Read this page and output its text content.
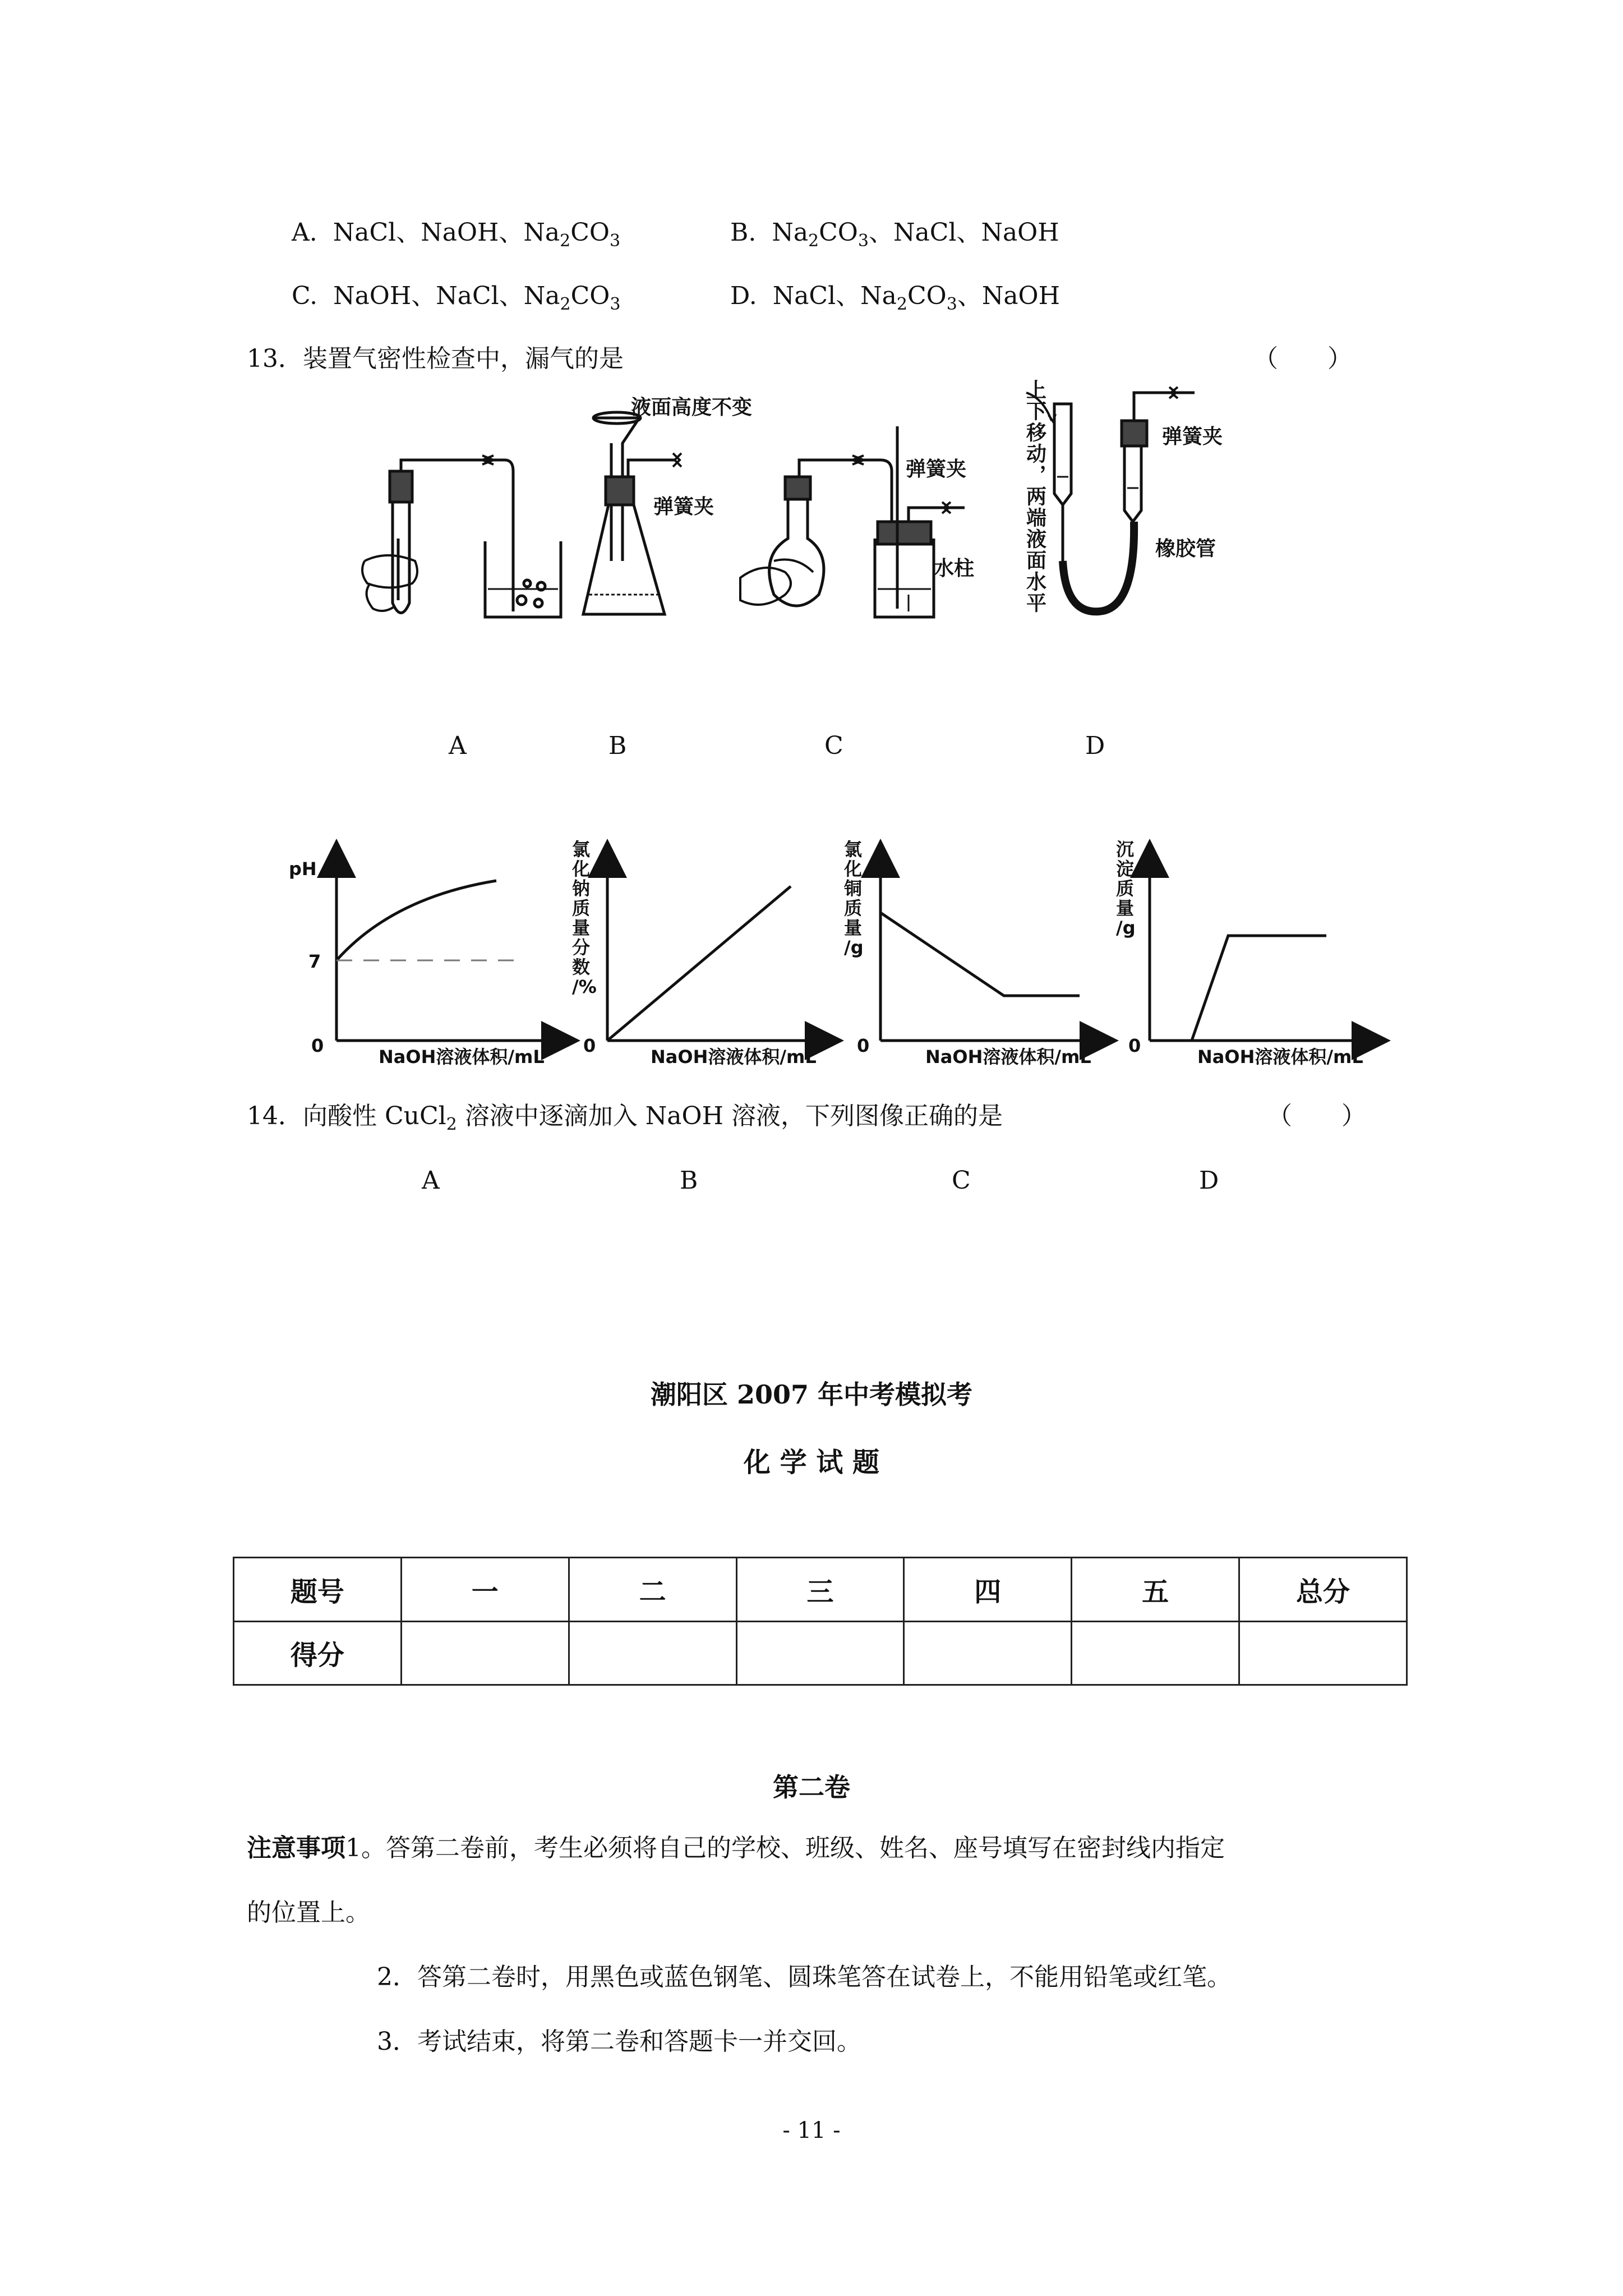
A. NaCl、NaOH、$Na_2CO_3$	B. $Na_2CO_3$、NaCl、NaOH
C. NaOH、NaCl、$Na_2CO_3$	D. NaCl、$Na_2CO_3$、NaOH
13．装置气密性检查中，漏气的是	（　　）
液面高度不变
弹簧夹
弹簧夹
水柱
弹簧夹
橡胶管
上下移动，两端液面水平
A	B	C	D
pH
7
0
NaOH溶液体积/mL
氯
化
钠
质
量
分
数
/%
0
NaOH溶液体积/mL
氯
化
铜
质
量
/g
0
NaOH溶液体积/mL
沉
淀
质
量
/g
0
NaOH溶液体积/mL
14．向酸性 CuCl$_2$ 溶液中逐滴加入 NaOH 溶液，下列图像正确的是	（　　）
A	B	C	D
潮阳区 2007 年中考模拟考
化 学 试 题
题号	一	二	三	四	五	总分
得分						
第二卷
注意事项1。答第二卷前，考生必须将自己的学校、班级、姓名、座号填写在密封线内指定
的位置上。
2．答第二卷时，用黑色或蓝色钢笔、圆珠笔答在试卷上，不能用铅笔或红笔。
3．考试结束，将第二卷和答题卡一并交回。
- 11 -
